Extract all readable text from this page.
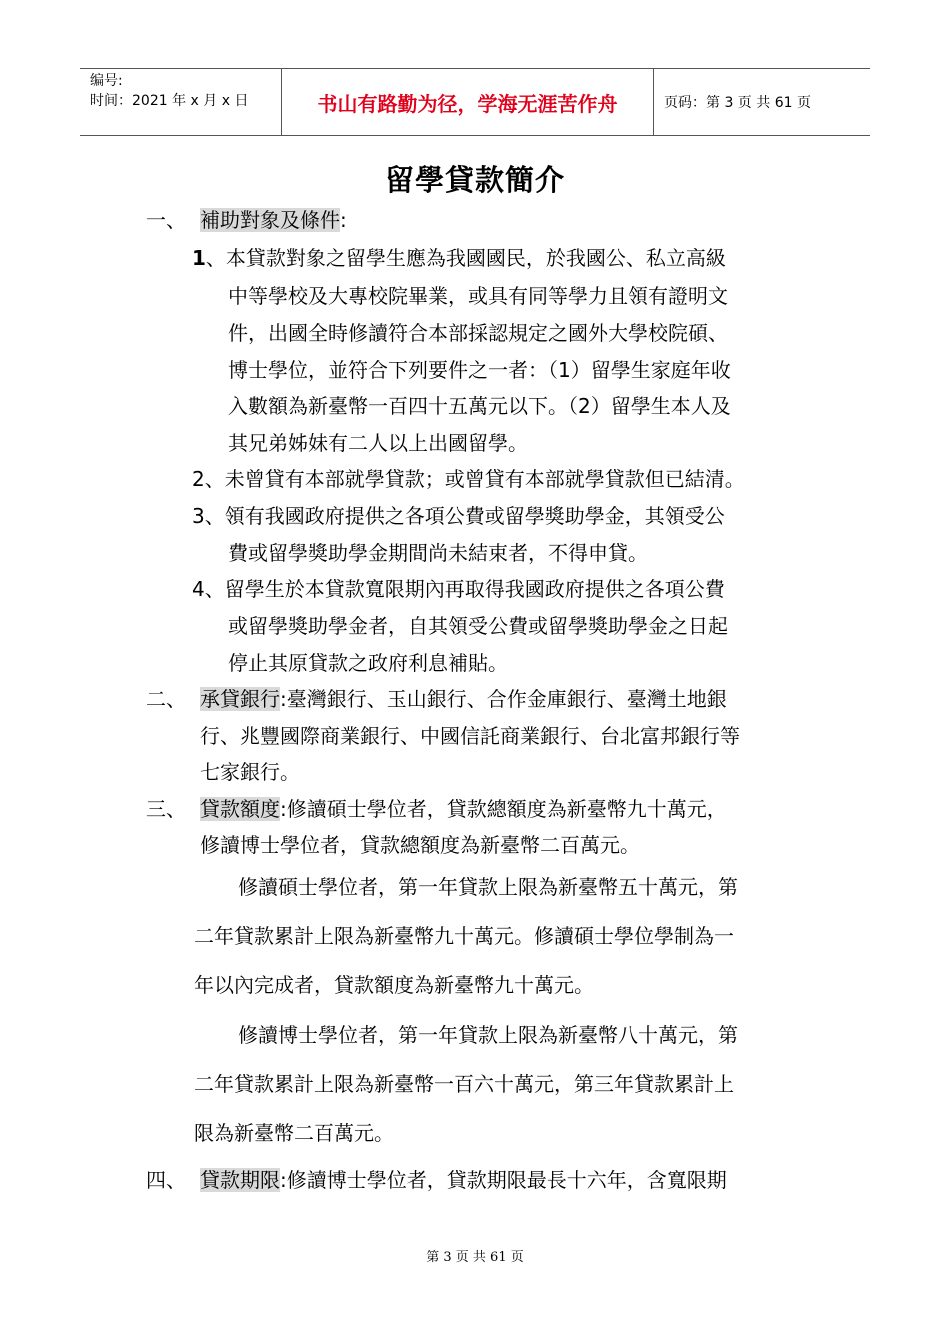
编号:
时间：2021 年 x 月 x 日	书山有路勤为径，学海无涯苦作舟	页码：第 3 页 共 61 页
留學貸款簡介
一、 補助對象及條件:
1、本貸款對象之留學生應為我國國民，於我國公、私立高級
中等學校及大專校院畢業，或具有同等學力且領有證明文
件，出國全時修讀符合本部採認規定之國外大學校院碩、
博士學位，並符合下列要件之一者：（1）留學生家庭年收
入數額為新臺幣一百四十五萬元以下。（2）留學生本人及
其兄弟姊妹有二人以上出國留學。
2、未曾貸有本部就學貸款；或曾貸有本部就學貸款但已結清。
3、領有我國政府提供之各項公費或留學獎助學金，其領受公
費或留學獎助學金期間尚未結束者，不得申貸。
4、留學生於本貸款寬限期內再取得我國政府提供之各項公費
或留學獎助學金者，自其領受公費或留學獎助學金之日起
停止其原貸款之政府利息補貼。
二、 承貸銀行:臺灣銀行、玉山銀行、合作金庫銀行、臺灣土地銀
行、兆豐國際商業銀行、中國信託商業銀行、台北富邦銀行等
七家銀行。
三、 貸款額度:修讀碩士學位者，貸款總額度為新臺幣九十萬元，
修讀博士學位者，貸款總額度為新臺幣二百萬元。
修讀碩士學位者，第一年貸款上限為新臺幣五十萬元，第
二年貸款累計上限為新臺幣九十萬元。修讀碩士學位學制為一
年以內完成者，貸款額度為新臺幣九十萬元。
修讀博士學位者，第一年貸款上限為新臺幣八十萬元，第
二年貸款累計上限為新臺幣一百六十萬元，第三年貸款累計上
限為新臺幣二百萬元。
四、 貸款期限:修讀博士學位者，貸款期限最長十六年，含寬限期
第 3 页 共 61 页
